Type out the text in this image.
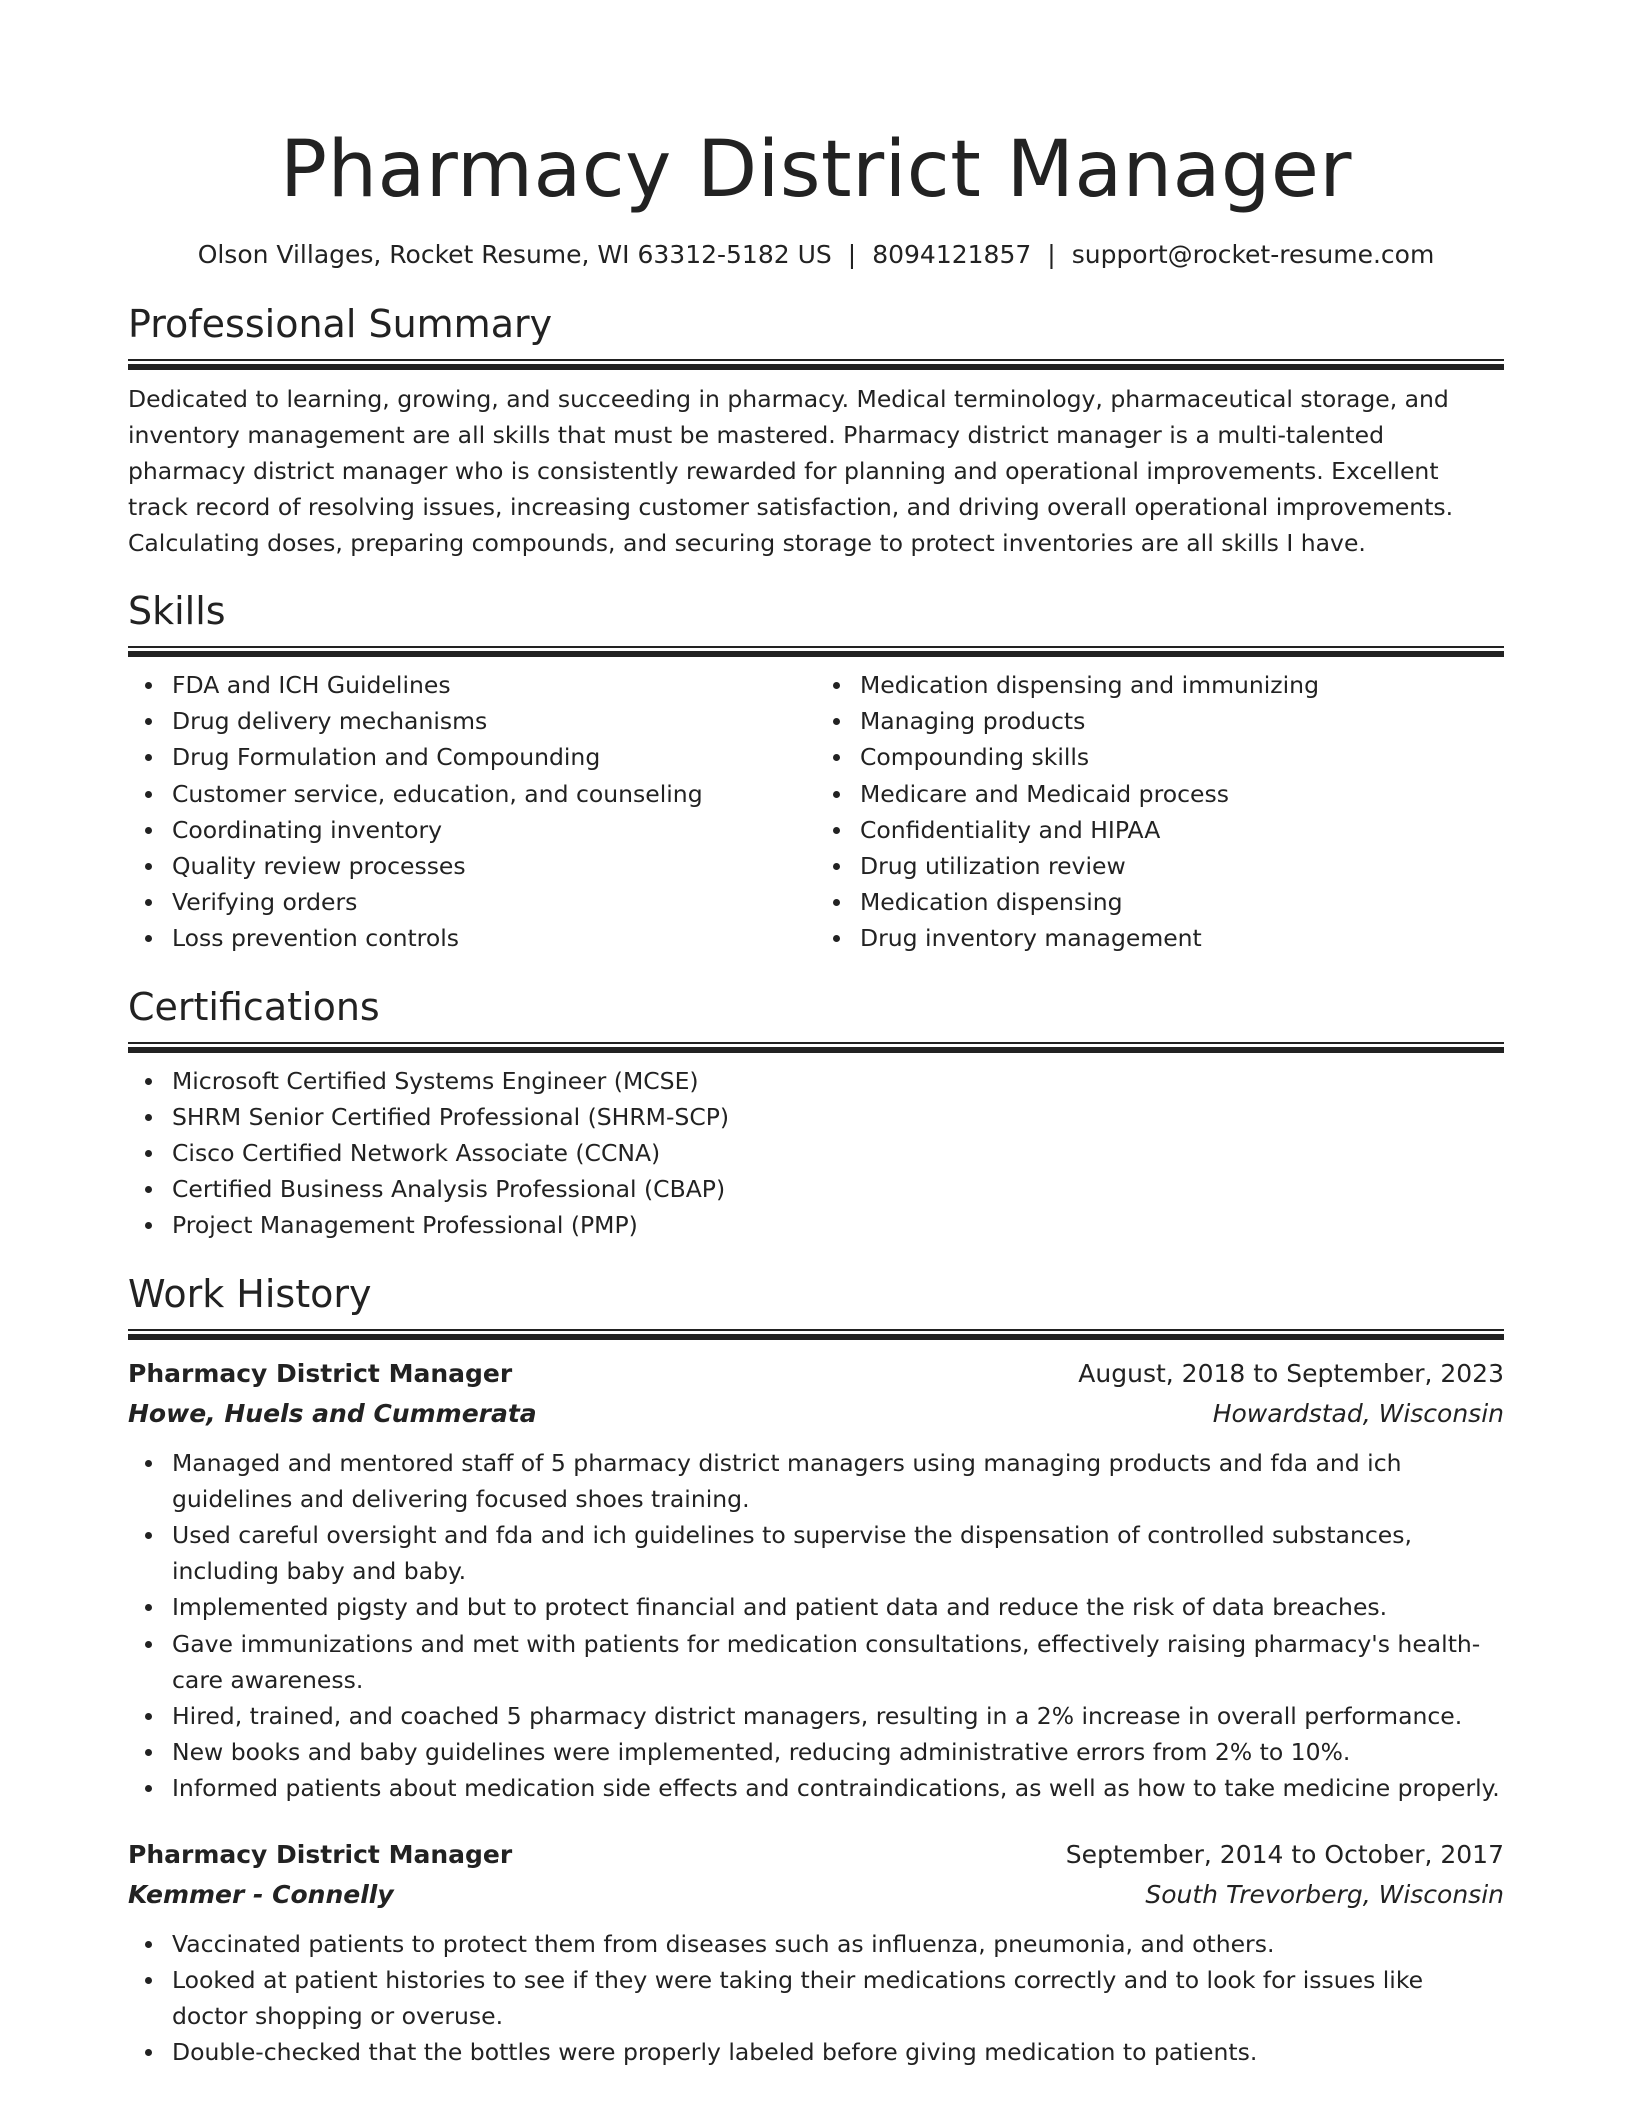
Pharmacy District Manager
Olson Villages, Rocket Resume, WI 63312-5182 US | 8094121857 | support@rocket-resume.com
Professional Summary
Dedicated to learning, growing, and succeeding in pharmacy. Medical terminology, pharmaceutical storage, and inventory management are all skills that must be mastered. Pharmacy district manager is a multi-talented pharmacy district manager who is consistently rewarded for planning and operational improvements. Excellent track record of resolving issues, increasing customer satisfaction, and driving overall operational improvements. Calculating doses, preparing compounds, and securing storage to protect inventories are all skills I have.
Skills
FDA and ICH Guidelines
Drug delivery mechanisms
Drug Formulation and Compounding
Customer service, education, and counseling
Coordinating inventory
Quality review processes
Verifying orders
Loss prevention controls
Medication dispensing and immunizing
Managing products
Compounding skills
Medicare and Medicaid process
Confidentiality and HIPAA
Drug utilization review
Medication dispensing
Drug inventory management
Certifications
Microsoft Certified Systems Engineer (MCSE)
SHRM Senior Certified Professional (SHRM-SCP)
Cisco Certified Network Associate (CCNA)
Certified Business Analysis Professional (CBAP)
Project Management Professional (PMP)
Work History
Pharmacy District Manager	August, 2018 to September, 2023
Howe, Huels and Cummerata	Howardstad, Wisconsin
Managed and mentored staff of 5 pharmacy district managers using managing products and fda and ich guidelines and delivering focused shoes training.
Used careful oversight and fda and ich guidelines to supervise the dispensation of controlled substances, including baby and baby.
Implemented pigsty and but to protect financial and patient data and reduce the risk of data breaches.
Gave immunizations and met with patients for medication consultations, effectively raising pharmacy's health-care awareness.
Hired, trained, and coached 5 pharmacy district managers, resulting in a 2% increase in overall performance.
New books and baby guidelines were implemented, reducing administrative errors from 2% to 10%.
Informed patients about medication side effects and contraindications, as well as how to take medicine properly.
Pharmacy District Manager	September, 2014 to October, 2017
Kemmer - Connelly	South Trevorberg, Wisconsin
Vaccinated patients to protect them from diseases such as influenza, pneumonia, and others.
Looked at patient histories to see if they were taking their medications correctly and to look for issues like doctor shopping or overuse.
Double-checked that the bottles were properly labeled before giving medication to patients.
